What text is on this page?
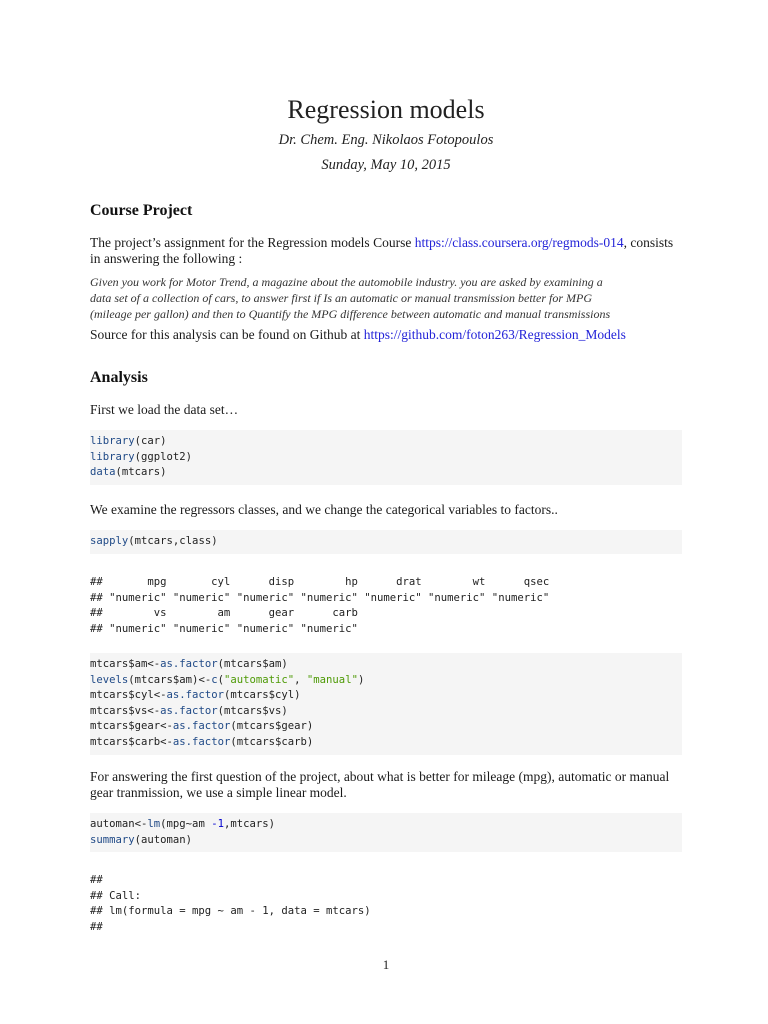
Regression models
Dr. Chem. Eng. Nikolaos Fotopoulos
Sunday, May 10, 2015
Course Project

The project’s assignment for the Regression models Course https://class.coursera.org/regmods-014, consists
in answering the following :

Given you work for Motor Trend, a magazine about the automobile industry. you are asked by examining a
data set of a collection of cars, to answer first if Is an automatic or manual transmission better for MPG
(mileage per gallon) and then to Quantify the MPG difference between automatic and manual transmissions

Source for this analysis can be found on Github at https://github.com/foton263/Regression_Models

Analysis

First we load the data set…

library(car)
library(ggplot2)
data(mtcars)

We examine the regressors classes, and we change the categorical variables to factors..

sapply(mtcars,class)
##       mpg       cyl      disp        hp      drat        wt      qsec
## "numeric" "numeric" "numeric" "numeric" "numeric" "numeric" "numeric"
##        vs        am      gear      carb
## "numeric" "numeric" "numeric" "numeric"
mtcars$am<-as.factor(mtcars$am)
levels(mtcars$am)<-c("automatic", "manual")
mtcars$cyl<-as.factor(mtcars$cyl)
mtcars$vs<-as.factor(mtcars$vs)
mtcars$gear<-as.factor(mtcars$gear)
mtcars$carb<-as.factor(mtcars$carb)

For answering the first question of the project, about what is better for mileage (mpg), automatic or manual
gear tranmission, we use a simple linear model.

automan<-lm(mpg~am -1,mtcars)
summary(automan)
##
## Call:
## lm(formula = mpg ~ am - 1, data = mtcars)
##
1
